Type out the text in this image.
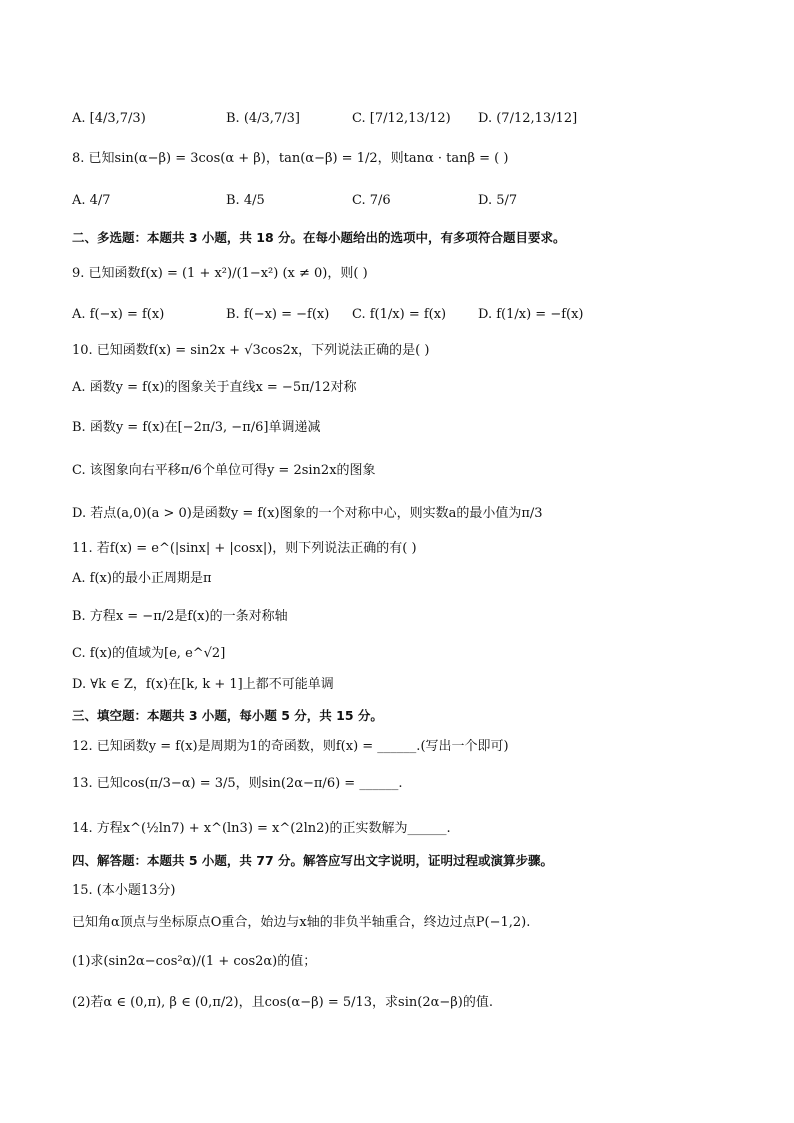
A. [4/3,7/3)	B. (4/3,7/3]	C. [7/12,13/12) D. (7/12,13/12]
8. 已知sin(α−β) = 3cos(α + β)，tan(α−β) = 1/2，则tanα · tanβ = ( )
A. 4/7	B. 4/5	C. 7/6	D. 5/7
二、多选题：本题共 3 小题，共 18 分。在每小题给出的选项中，有多项符合题目要求。
9. 已知函数f(x) = (1 + x²)/(1−x²) (x ≠ 0)，则( )
A. f(−x) = f(x)	B. f(−x) = −f(x) C. f(1/x) = f(x) D. f(1/x) = −f(x)
10. 已知函数f(x) = sin2x + √3cos2x，下列说法正确的是( )
A. 函数y = f(x)的图象关于直线x = −5π/12对称
B. 函数y = f(x)在[−2π/3, −π/6]单调递减
C. 该图象向右平移π/6个单位可得y = 2sin2x的图象
D. 若点(a,0)(a > 0)是函数y = f(x)图象的一个对称中心，则实数a的最小值为π/3
11. 若f(x) = e^(|sinx| + |cosx|)，则下列说法正确的有( )
A. f(x)的最小正周期是π
B. 方程x = −π/2是f(x)的一条对称轴
C. f(x)的值域为[e, e^√2]
D. ∀k ∈ Z，f(x)在[k, k + 1]上都不可能单调
三、填空题：本题共 3 小题，每小题 5 分，共 15 分。
12. 已知函数y = f(x)是周期为1的奇函数，则f(x) = ______.(写出一个即可)
13. 已知cos(π/3−α) = 3/5，则sin(2α−π/6) = ______.
14. 方程x^(½ln7) + x^(ln3) = x^(2ln2)的正实数解为______.
四、解答题：本题共 5 小题，共 77 分。解答应写出文字说明，证明过程或演算步骤。
15. (本小题13分)
已知角α顶点与坐标原点O重合，始边与x轴的非负半轴重合，终边过点P(−1,2).
(1)求(sin2α−cos²α)/(1 + cos2α)的值；
(2)若α ∈ (0,π), β ∈ (0,π/2)，且cos(α−β) = 5/13，求sin(2α−β)的值.
